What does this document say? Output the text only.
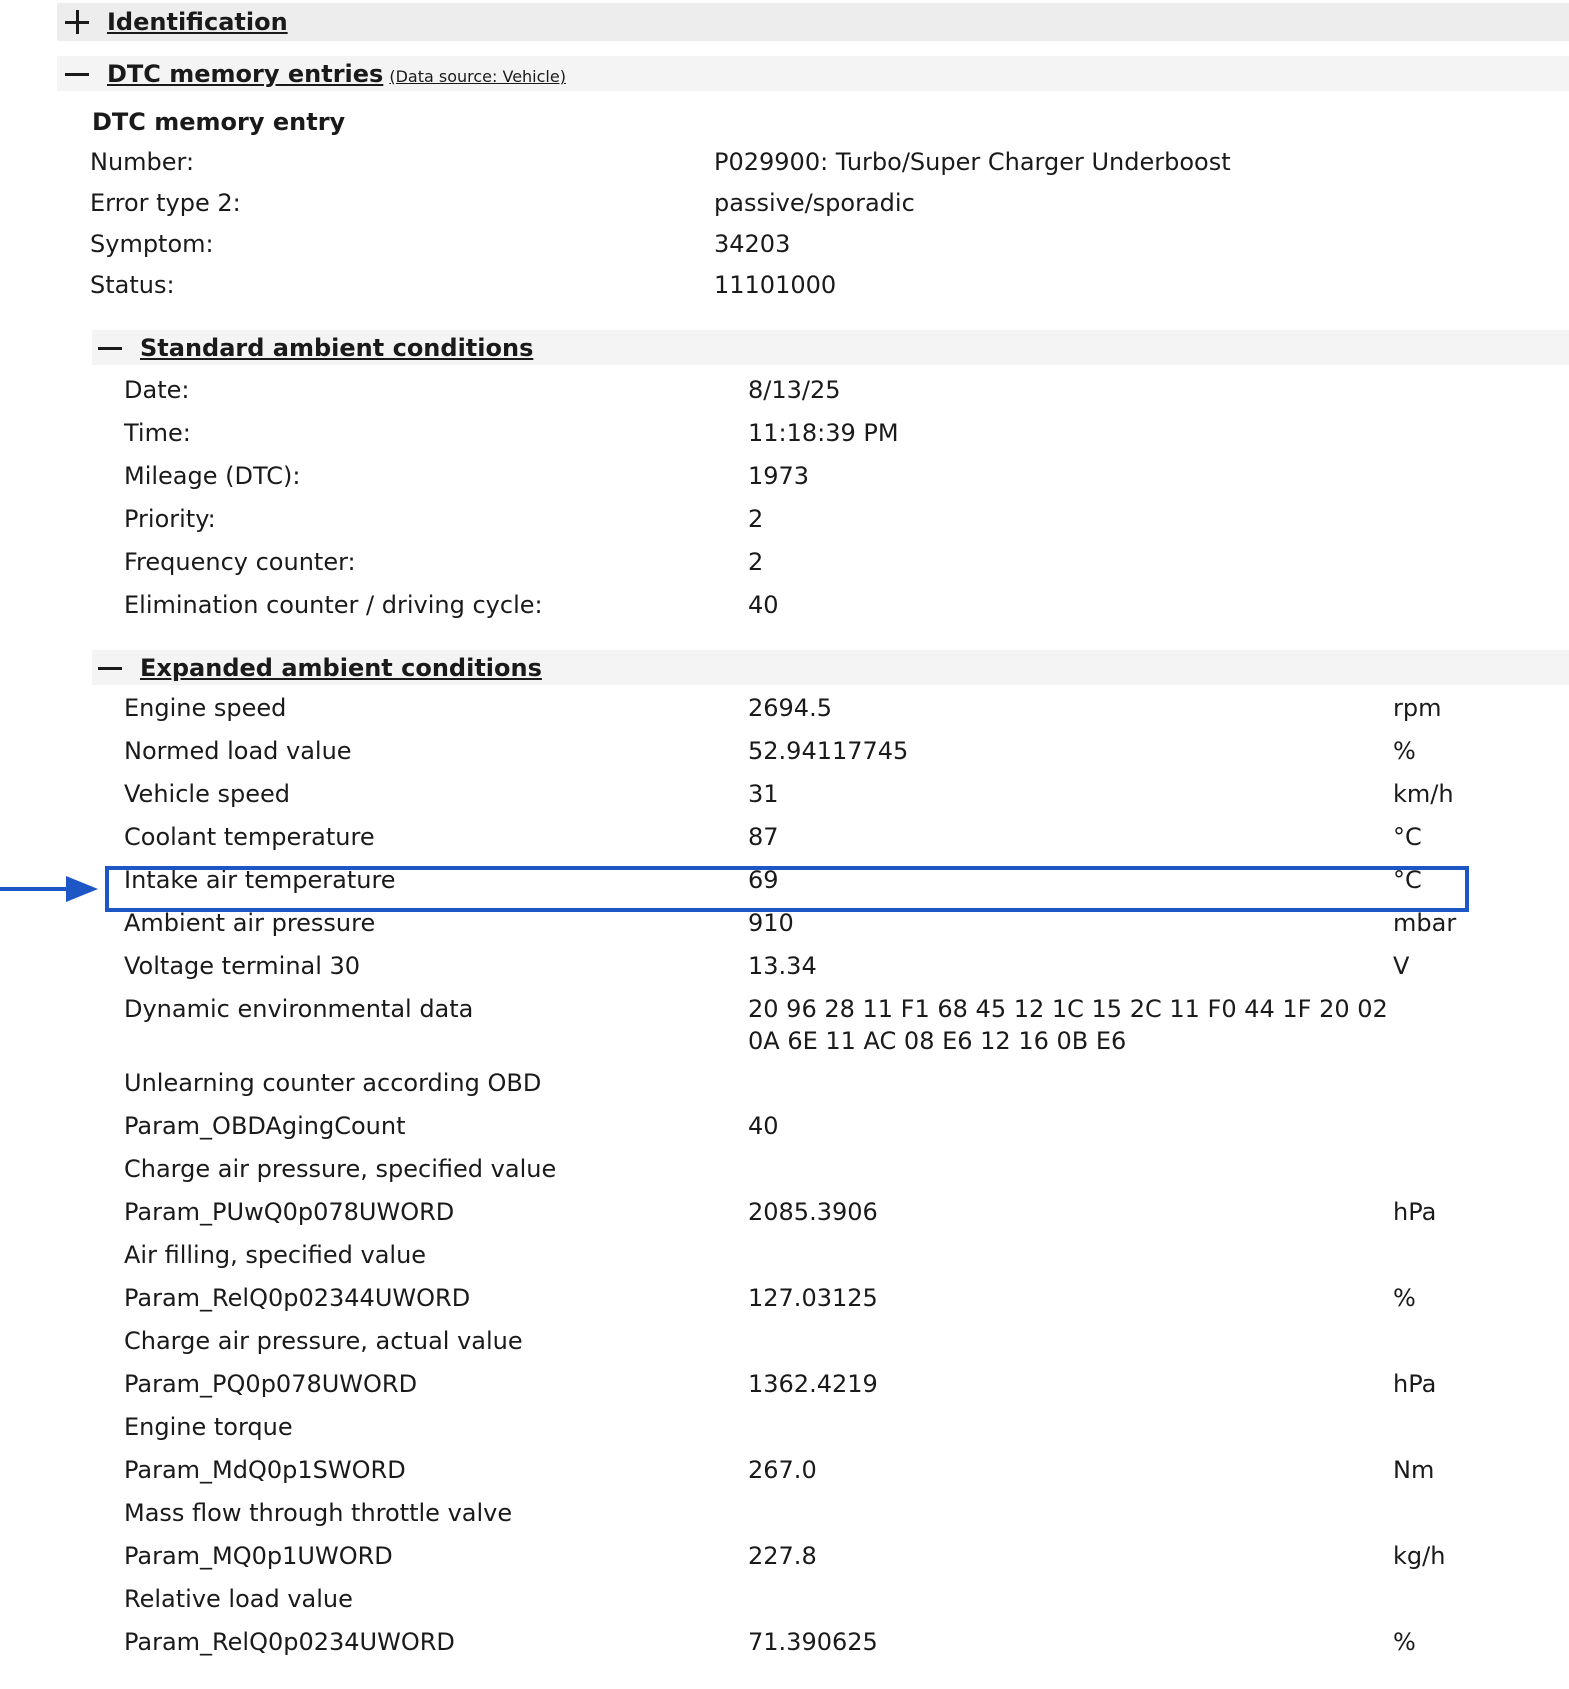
Identification
DTC memory entries (Data source: Vehicle)
DTC memory entry
Number:	P029900: Turbo/Super Charger Underboost
Error type 2:	passive/sporadic
Symptom:	34203
Status:	11101000
Standard ambient conditions
Date:	8/13/25
Time:	11:18:39 PM
Mileage (DTC):	1973
Priority:	2
Frequency counter:	2
Elimination counter / driving cycle:	40
Expanded ambient conditions
Engine speed	2694.5	rpm
Normed load value	52.94117745	%
Vehicle speed	31	km/h
Coolant temperature	87	°C
Intake air temperature	69	°C
Ambient air pressure	910	mbar
Voltage terminal 30	13.34	V
Dynamic environmental data	20 96 28 11 F1 68 45 12 1C 15 2C 11 F0 44 1F 20 02 0A 6E 11 AC 08 E6 12 16 0B E6
Unlearning counter according OBD
Param_OBDAgingCount	40
Charge air pressure, specified value
Param_PUwQ0p078UWORD	2085.3906	hPa
Air filling, specified value
Param_RelQ0p02344UWORD	127.03125	%
Charge air pressure, actual value
Param_PQ0p078UWORD	1362.4219	hPa
Engine torque
Param_MdQ0p1SWORD	267.0	Nm
Mass flow through throttle valve
Param_MQ0p1UWORD	227.8	kg/h
Relative load value
Param_RelQ0p0234UWORD	71.390625	%
